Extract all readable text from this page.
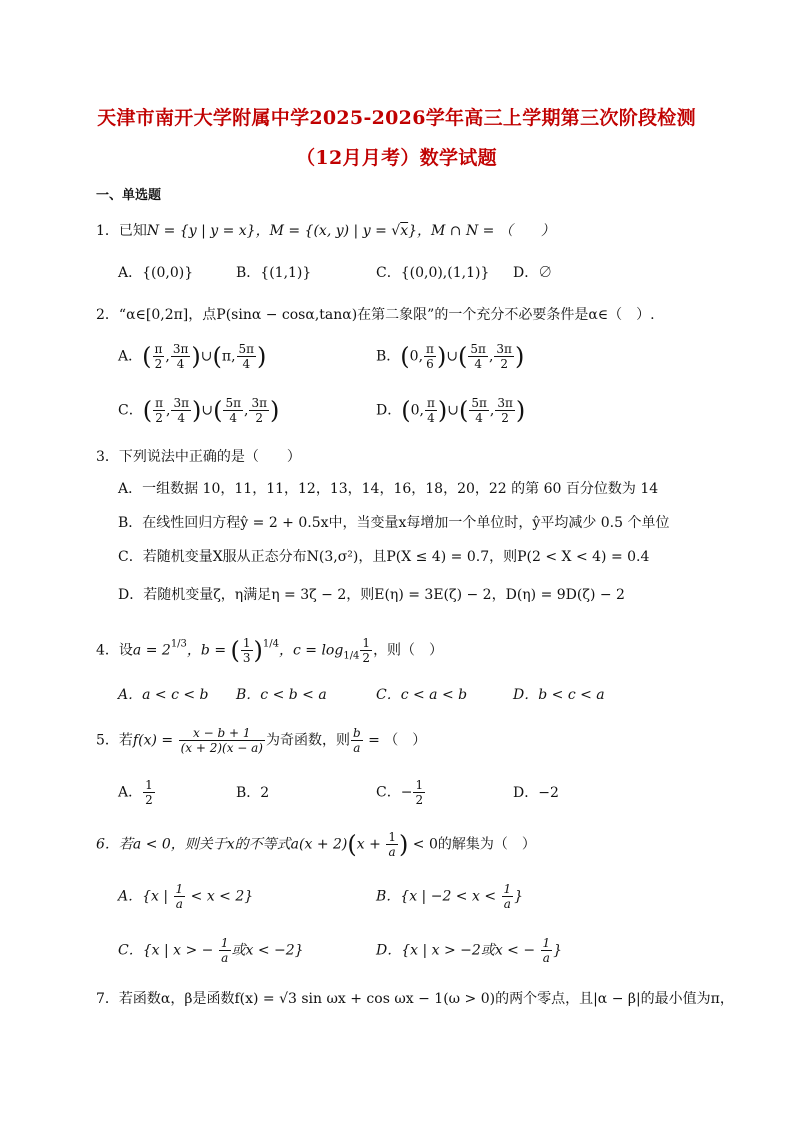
天津市南开大学附属中学2025-2026学年高三上学期第三次阶段检测
（12月月考）数学试题
一、单选题
1．已知N = {y | y = x}，M = {(x, y) | y = √x}，M ∩ N = （　　）
A．{(0,0)}	B．{(1,1)}	C．{(0,0),(1,1)} D．∅
2．“α∈[0,2π]，点P(sinα − cosα,tanα)在第二象限”的一个充分不必要条件是α∈（　）.
A．( $\frac{\pi}{2}$ , $\frac{3\pi}{4}$ )∪(π, $\frac{5\pi}{4}$ )	B．(0, $\frac{\pi}{6}$ )∪( $\frac{5\pi}{4}$ , $\frac{3\pi}{2}$ )
C．( $\frac{\pi}{2}$ , $\frac{3\pi}{4}$ )∪( $\frac{5\pi}{4}$ , $\frac{3\pi}{2}$ )	D．(0, $\frac{\pi}{4}$ )∪( $\frac{5\pi}{4}$ , $\frac{3\pi}{2}$ )
3．下列说法中正确的是（　　）
A．一组数据 10，11，11，12，13，14，16，18，20，22 的第 60 百分位数为 14
B．在线性回归方程ŷ = 2 + 0.5x中，当变量x每增加一个单位时，ŷ平均减少 0.5 个单位
C．若随机变量X服从正态分布N(3,σ²)，且P(X ≤ 4) = 0.7，则P(2 < X < 4) = 0.4
D．若随机变量ζ，η满足η = 3ζ − 2，则E(η) = 3E(ζ) − 2，D(η) = 9D(ζ) − 2
4．设$a = 2^{1/3}$，b = ( $\frac{1}{3} )^{1/4}$，$c = \log_{1/4} \frac{1}{2}$ ，则（　）
A．a < c < b B．c < b < a	C．c < a < b	D．b < c < a
5．若$f(x) = \frac{x - b + 1}{(x + 2)(x - a)}$ 为奇函数，则 $\frac{b}{a}$ = （　）
A． $\frac{1}{2}$	B．2	C．− $\frac{1}{2}$	D．−2
6．若a < 0，则关于x的不等式$a(x + 2)(x + \frac{1}{a}$ ) < 0的解集为（　）
A．{x | $\frac{1}{a} < x < 2$}	B．{x | $-2 < x < \frac{1}{a}$ }
C．{x | x > − $\frac{1}{a}$ 或x < −2}	D．{x | x > −2或x < − $\frac{1}{a}$ }
7．若函数α，β是函数f(x) = √3 sin ωx + cos ωx − 1(ω > 0)的两个零点，且|α − β|的最小值为π，
